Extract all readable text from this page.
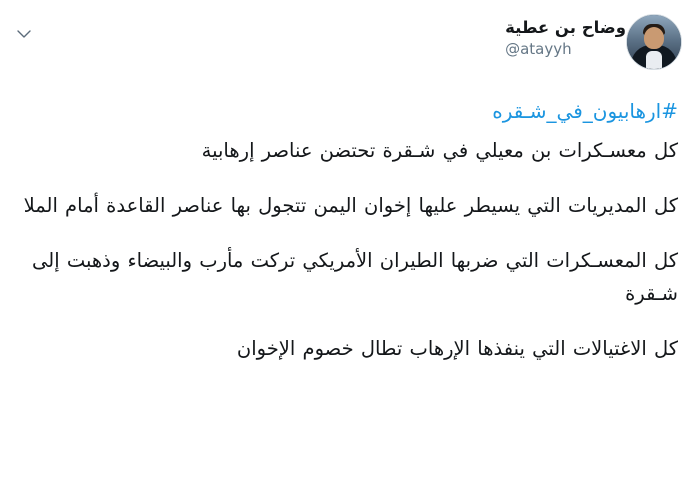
وضاح بن عطية
@atayyh
#ارهابيون_في_شـقره

كل معسـكرات بن معيلي في شـقرة تحتضن عناصر إرهابية

كل المديريات التي يسيطر عليها إخوان اليمن تتجول بها عناصر القاعدة أمام الملا

كل المعسـكرات التي ضربها الطيران الأمريكي تركت مأرب والبيضاء وذهبت إلى شـقرة

كل الاغتيالات التي ينفذها الإرهاب تطال خصوم الإخوان
